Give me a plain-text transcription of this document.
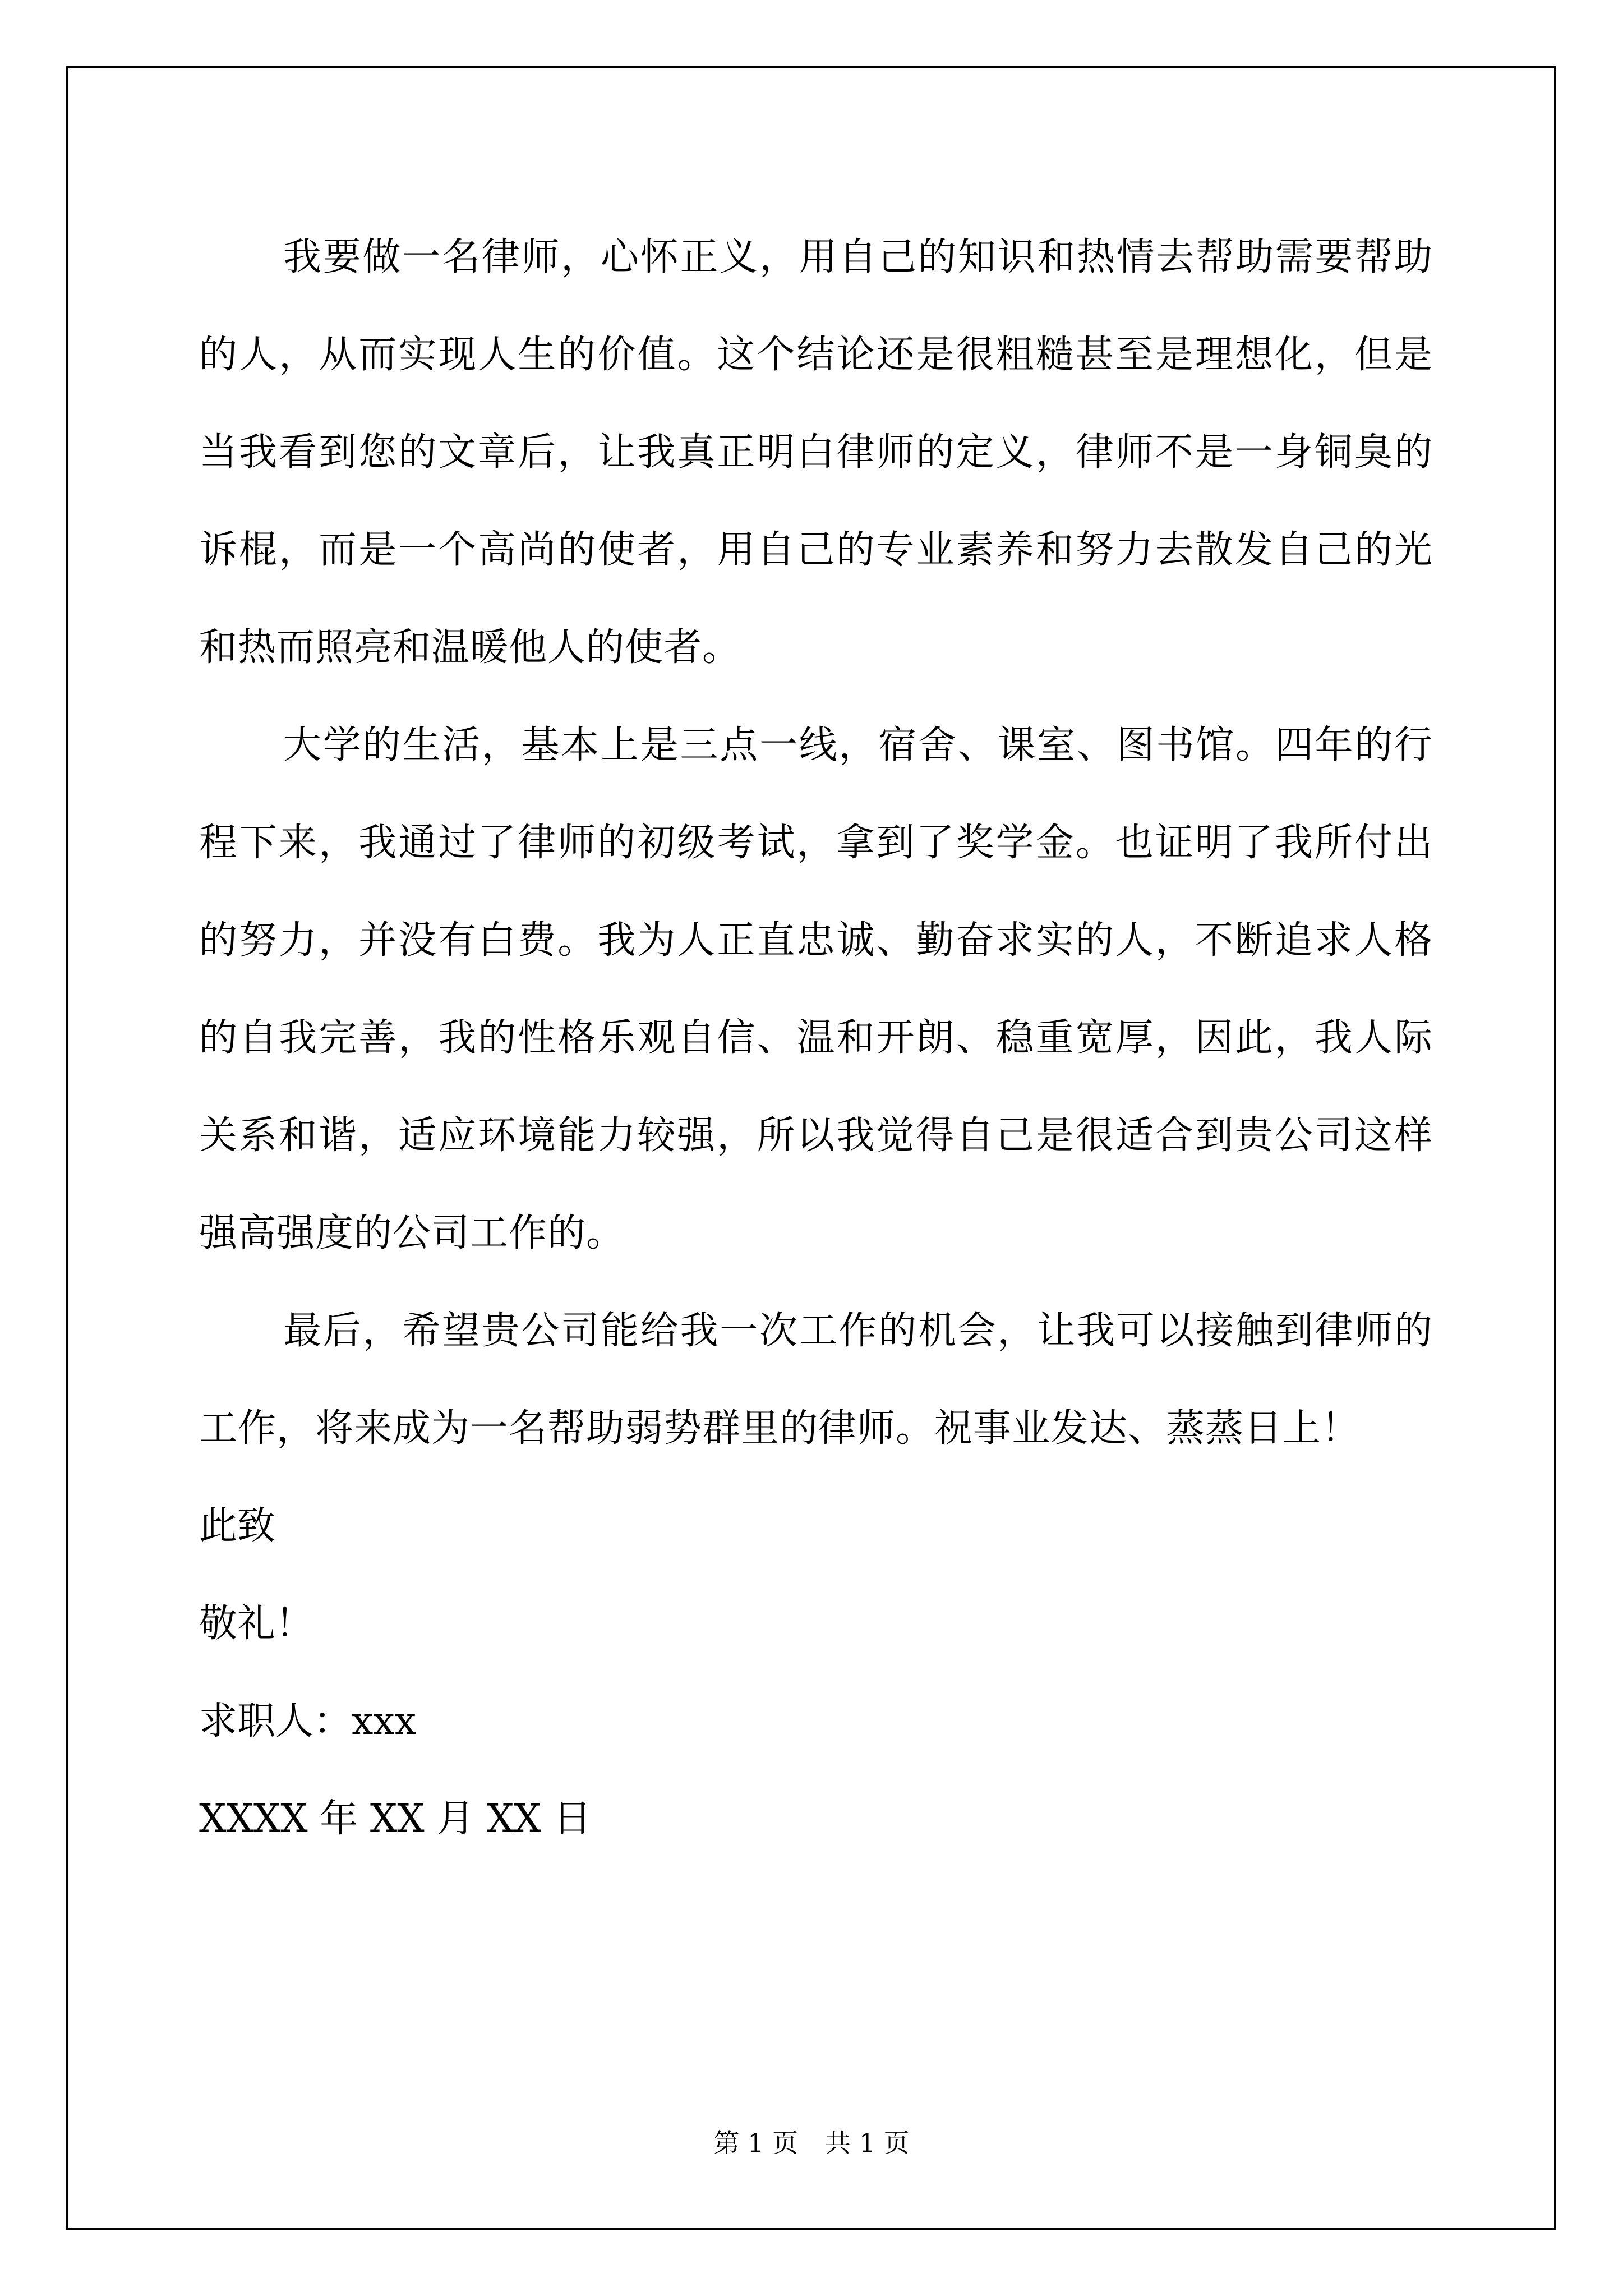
我要做一名律师，心怀正义，用自己的知识和热情去帮助需要帮助的人，从而实现人生的价值。这个结论还是很粗糙甚至是理想化，但是当我看到您的文章后，让我真正明白律师的定义，律师不是一身铜臭的诉棍，而是一个高尚的使者，用自己的专业素养和努力去散发自己的光和热而照亮和温暖他人的使者。

大学的生活，基本上是三点一线，宿舍、课室、图书馆。四年的行程下来，我通过了律师的初级考试，拿到了奖学金。也证明了我所付出的努力，并没有白费。我为人正直忠诚、勤奋求实的人，不断追求人格的自我完善，我的性格乐观自信、温和开朗、稳重宽厚，因此，我人际关系和谐，适应环境能力较强，所以我觉得自己是很适合到贵公司这样强高强度的公司工作的。

最后，希望贵公司能给我一次工作的机会，让我可以接触到律师的工作，将来成为一名帮助弱势群里的律师。祝事业发达、蒸蒸日上！

此致

敬礼！

求职人：xxx

XXXX 年 XX 月 XX 日

第 1 页 共 1 页
